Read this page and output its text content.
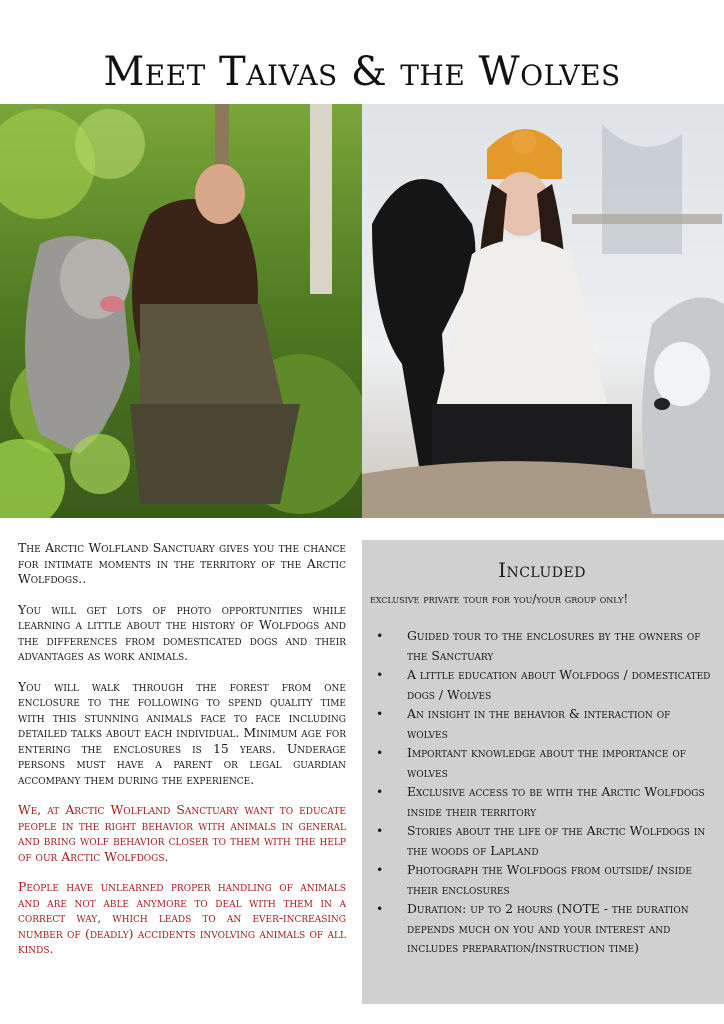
Meet Taivas & the Wolves

The Arctic Wolfland Sanctuary gives you the chance for intimate moments in the territory of the Arctic Wolfdogs..

You will get lots of photo opportunities while learning a little about the history of Wolfdogs and the differences from domesticated dogs and their advantages as work animals.

You will walk through the forest from one enclosure to the following to spend quality time with this stunning animals face to face including detailed talks about each individual. Minimum age for entering the enclosures is 15 years. Underage persons must have a parent or legal guardian accompany them during the experience.

We, at Arctic Wolfland Sanctuary want to educate people in the right behavior with animals in general and bring wolf behavior closer to them with the help of our Arctic Wolfdogs.

People have unlearned proper handling of animals and are not able anymore to deal with them in a correct way, which leads to an ever-increasing number of (deadly) accidents involving animals of all kinds.

Included

exclusive private tour for you/your group only!

• Guided tour to the enclosures by the owners of the Sanctuary
• A little education about Wolfdogs / domesticated dogs / Wolves
• An insight in the behavior & interaction of wolves
• Important knowledge about the importance of wolves
• Exclusive access to be with the Arctic Wolfdogs inside their territory
• Stories about the life of the Arctic Wolfdogs in the woods of Lapland
• Photograph the Wolfdogs from outside/ inside their enclosures
• Duration: up to 2 hours (NOTE - the duration depends much on you and your interest and includes preparation/instruction time)
